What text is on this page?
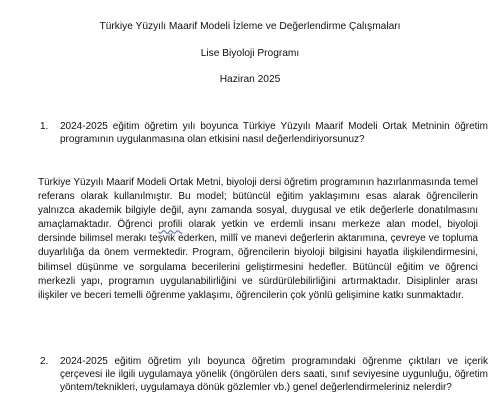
Türkiye Yüzyılı Maarif Modeli İzleme ve Değerlendirme Çalışmaları
Lise Biyoloji Programı
Haziran 2025
1.	2024-2025 eğitim öğretim yılı boyunca Türkiye Yüzyılı Maarif Modeli Ortak Metninin öğretim programının uygulanmasına olan etkisini nasıl değerlendiriyorsunuz?
Türkiye Yüzyılı Maarif Modeli Ortak Metni, biyoloji dersi öğretim programının hazırlanmasında temel referans olarak kullanılmıştır. Bu model; bütüncül eğitim yaklaşımını esas alarak öğrencilerin yalnızca akademik bilgiyle değil, aynı zamanda sosyal, duygusal ve etik değerlerle donatılmasını amaçlamaktadır. Öğrenci profili olarak yetkin ve erdemli insanı merkeze alan model, biyoloji dersinde bilimsel merakı teşvik ederken, millî ve manevi değerlerin aktarımına, çevreye ve topluma duyarlılığa da önem vermektedir. Program, öğrencilerin biyoloji bilgisini hayatla ilişkilendirmesini, bilimsel düşünme ve sorgulama becerilerini geliştirmesini hedefler. Bütüncül eğitim ve öğrenci merkezli yapı, programın uygulanabilirliğini ve sürdürülebilirliğini artırmaktadır. Disiplinler arası ilişkiler ve beceri temelli öğrenme yaklaşımı, öğrencilerin çok yönlü gelişimine katkı sunmaktadır.
2.	2024-2025 eğitim öğretim yılı boyunca öğretim programındaki öğrenme çıktıları ve içerik çerçevesi ile ilgili uygulamaya yönelik (öngörülen ders saati, sınıf seviyesine uygunluğu, öğretim yöntem/teknikleri, uygulamaya dönük gözlemler vb.) genel değerlendirmeleriniz nelerdir?
